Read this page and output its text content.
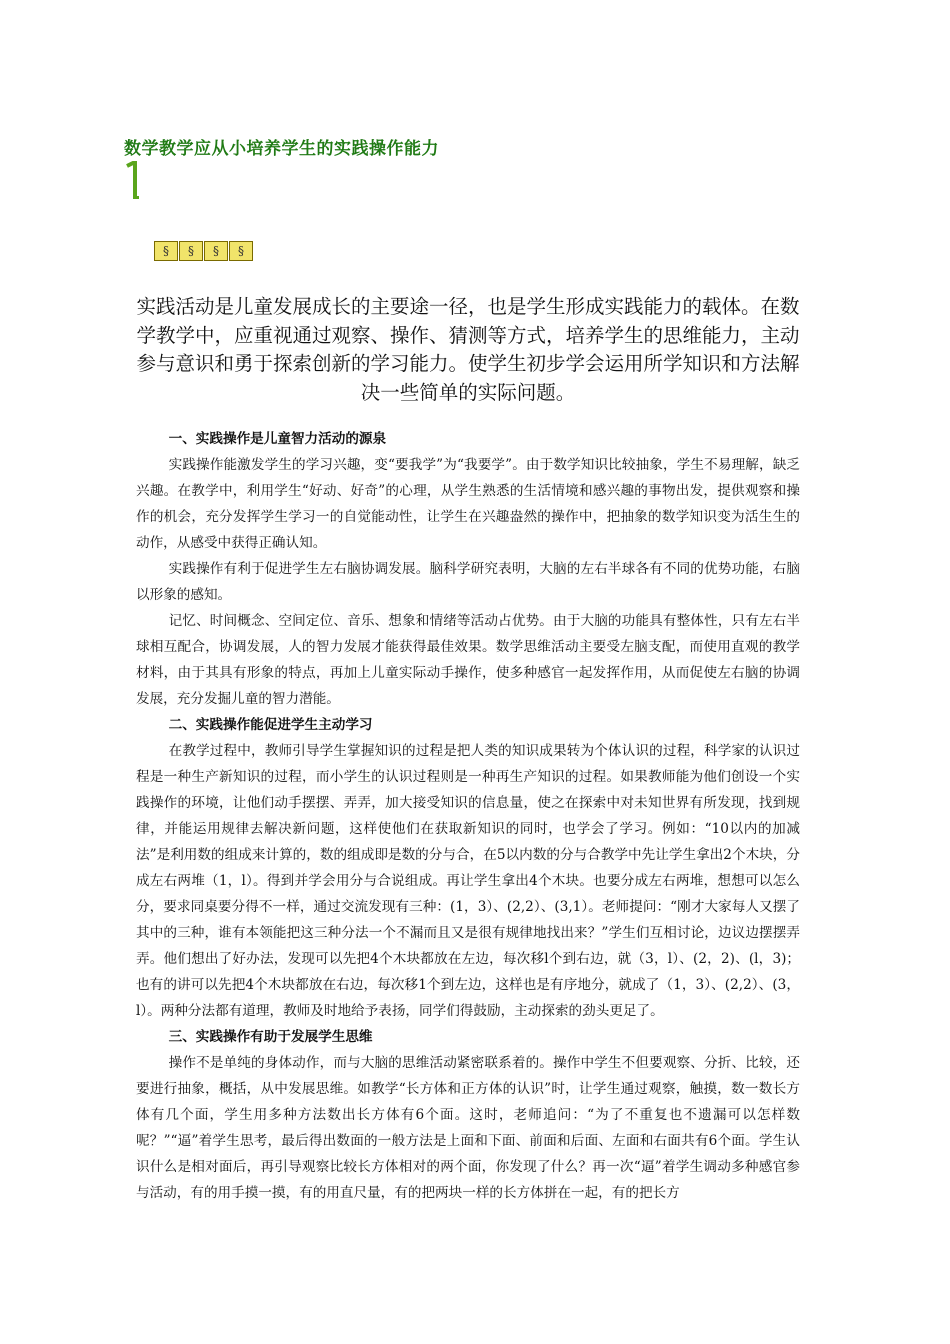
数学教学应从小培养学生的实践操作能力
§	§	§	§
实践活动是儿童发展成长的主要途一径，也是学生形成实践能力的载体。在数学教学中，应重视通过观察、操作、猜测等方式，培养学生的思维能力，主动参与意识和勇于探索创新的学习能力。使学生初步学会运用所学知识和方法解决一些简单的实际问题。
一、实践操作是儿童智力活动的源泉

实践操作能激发学生的学习兴趣，变“要我学”为“我要学”。由于数学知识比较抽象，学生不易理解，缺乏兴趣。在教学中，利用学生“好动、好奇”的心理，从学生熟悉的生活情境和感兴趣的事物出发，提供观察和操作的机会，充分发挥学生学习一的自觉能动性，让学生在兴趣盎然的操作中，把抽象的数学知识变为活生生的动作，从感受中获得正确认知。

实践操作有利于促进学生左右脑协调发展。脑科学研究表明，大脑的左右半球各有不同的优势功能，右脑以形象的感知。

记忆、时间概念、空间定位、音乐、想象和情绪等活动占优势。由于大脑的功能具有整体性，只有左右半球相互配合，协调发展，人的智力发展才能获得最佳效果。数学思维活动主要受左脑支配，而使用直观的教学材料，由于其具有形象的特点，再加上儿童实际动手操作，使多种感官一起发挥作用，从而促使左右脑的协调发展，充分发掘儿童的智力潜能。

二、实践操作能促进学生主动学习

在教学过程中，教师引导学生掌握知识的过程是把人类的知识成果转为个体认识的过程，科学家的认识过程是一种生产新知识的过程，而小学生的认识过程则是一种再生产知识的过程。如果教师能为他们创设一个实践操作的环境，让他们动手摆摆、弄弄，加大接受知识的信息量，使之在探索中对未知世界有所发现，找到规律，并能运用规律去解决新问题，这样使他们在获取新知识的同时，也学会了学习。例如：“10以内的加减法”是利用数的组成来计算的，数的组成即是数的分与合，在5以内数的分与合教学中先让学生拿出2个木块，分成左右两堆（1，l）。得到并学会用分与合说组成。再让学生拿出4个木块。也要分成左右两堆，想想可以怎么分，要求同桌要分得不一样，通过交流发现有三种：(1，3）、(2,2）、(3,1）。老师提问：“刚才大家每人又摆了其中的三种，谁有本领能把这三种分法一个不漏而且又是很有规律地找出来？”学生们互相讨论，边议边摆摆弄弄。他们想出了好办法，发现可以先把4个木块都放在左边，每次移l个到右边，就（3，l）、(2，2)、(l，3)；也有的讲可以先把4个木块都放在右边，每次移1个到左边，这样也是有序地分，就成了（1，3）、(2,2）、(3，l）。两种分法都有道理，教师及时地给予表扬，同学们得鼓励，主动探索的劲头更足了。

三、实践操作有助于发展学生思维

操作不是单纯的身体动作，而与大脑的思维活动紧密联系着的。操作中学生不但要观察、分折、比较，还要进行抽象，概括，从中发展思维。如教学“长方体和正方体的认识”时，让学生通过观察，触摸，数一数长方体有几个面，学生用多种方法数出长方体有6个面。这时，老师追问：“为了不重复也不遗漏可以怎样数呢？”“逼”着学生思考，最后得出数面的一般方法是上面和下面、前面和后面、左面和右面共有6个面。学生认识什么是相对面后，再引导观察比较长方体相对的两个面，你发现了什么？再一次“逼”着学生调动多种感官参与活动，有的用手摸一摸，有的用直尺量，有的把两块一样的长方体拼在一起，有的把长方
